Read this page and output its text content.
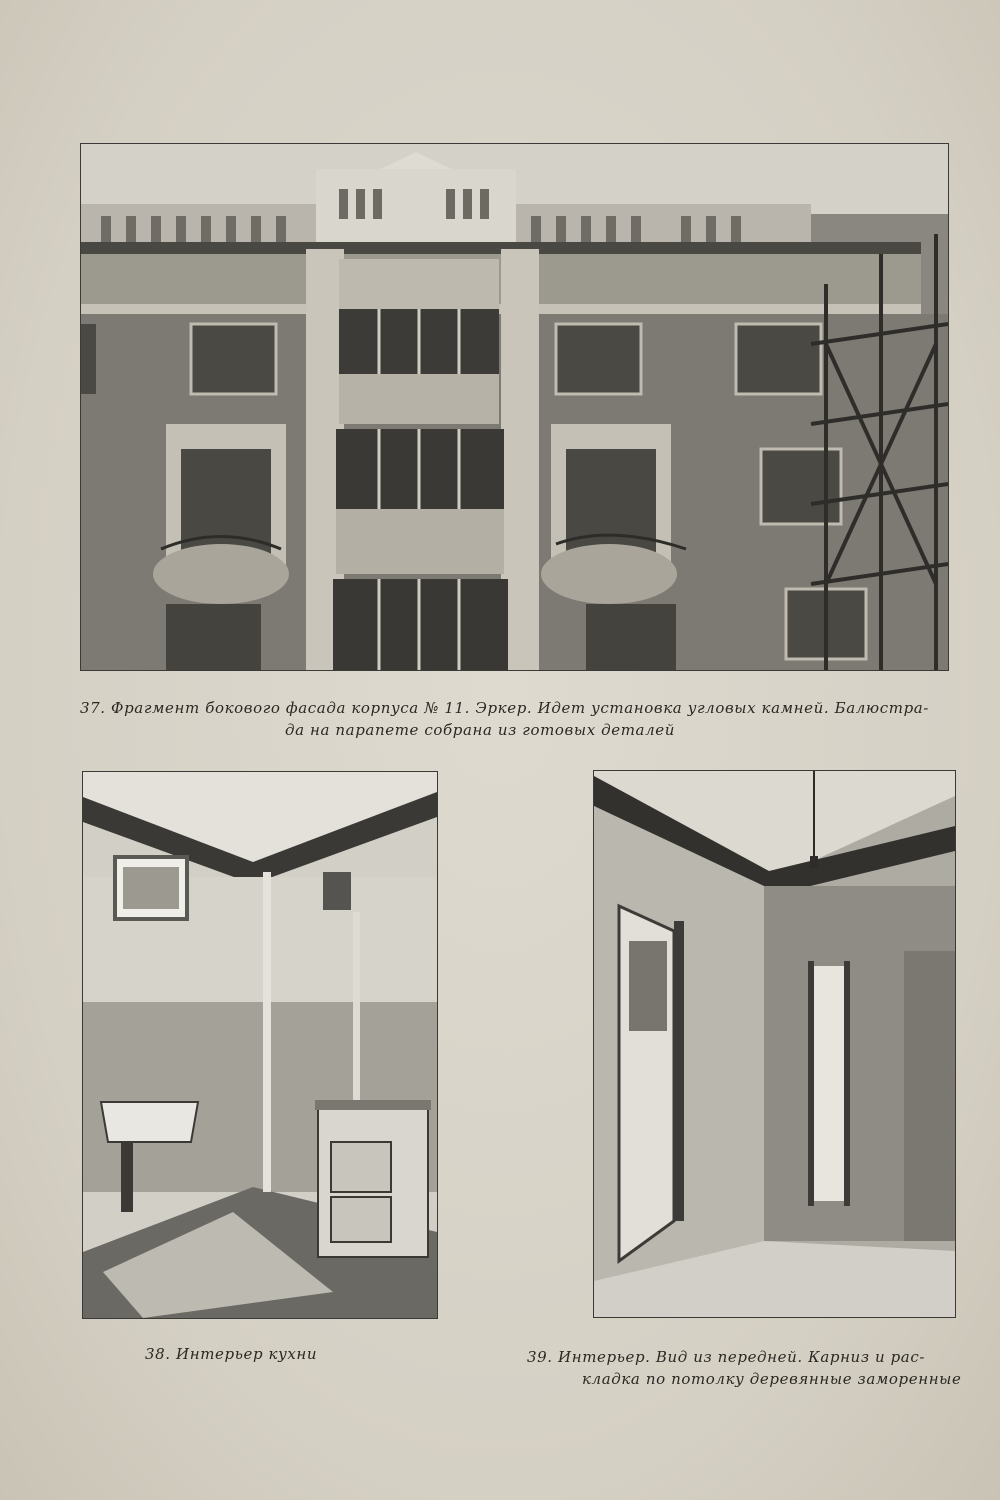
37. Фрагмент бокового фасада корпуса № 11. Эркер. Идет установка угловых камней. Балюстра-
да на парапете собрана из готовых деталей
38. Интерьер кухни	39. Интерьер. Вид из передней. Карниз и рас-
кладка по потолку деревянные заморенные
